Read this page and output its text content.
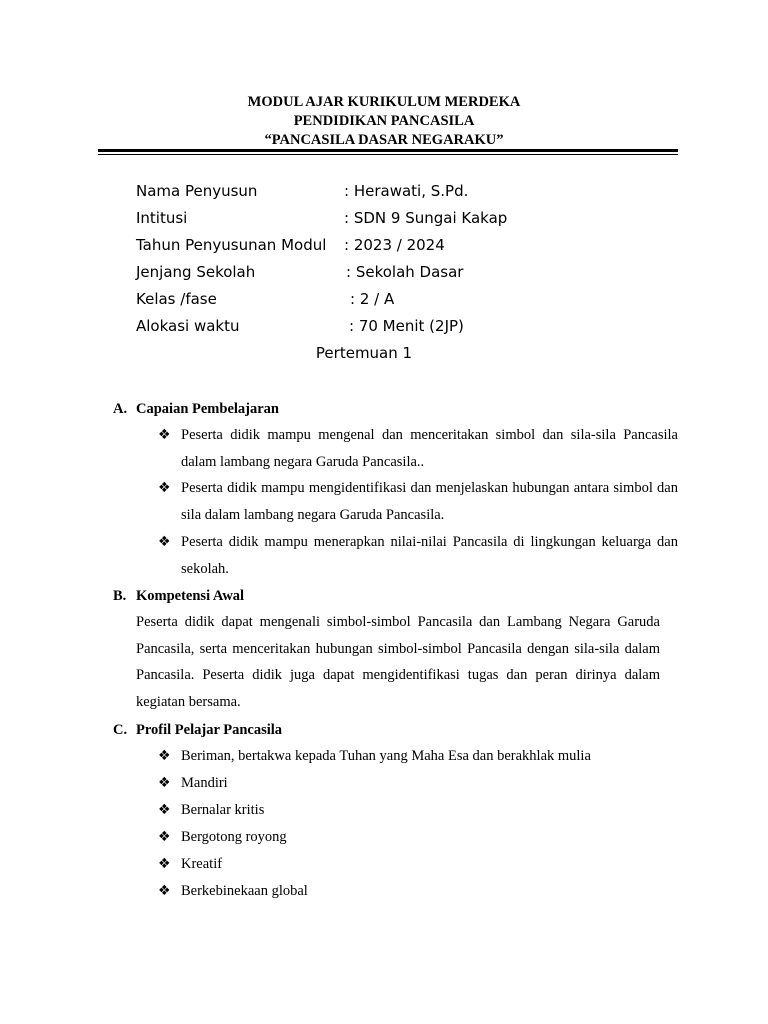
MODUL AJAR KURIKULUM MERDEKA
PENDIDIKAN PANCASILA
“PANCASILA DASAR NEGARAKU”
Nama Penyusun	: Herawati, S.Pd.
Intitusi	: SDN 9 Sungai Kakap
Tahun Penyusunan Modul : 2023 / 2024
Jenjang Sekolah	: Sekolah Dasar
Kelas /fase	: 2 / A
Alokasi waktu	: 70 Menit (2JP)
Pertemuan 1
A. Capaian Pembelajaran
❖ Peserta didik mampu mengenal dan menceritakan simbol dan sila-sila Pancasila dalam lambang negara Garuda Pancasila..
❖ Peserta didik mampu mengidentifikasi dan menjelaskan hubungan antara simbol dan sila dalam lambang negara Garuda Pancasila.
❖ Peserta didik mampu menerapkan nilai-nilai Pancasila di lingkungan keluarga dan sekolah.
B. Kompetensi Awal
Peserta didik dapat mengenali simbol-simbol Pancasila dan Lambang Negara Garuda Pancasila, serta menceritakan hubungan simbol-simbol Pancasila dengan sila-sila dalam Pancasila. Peserta didik juga dapat mengidentifikasi tugas dan peran dirinya dalam kegiatan bersama.
C. Profil Pelajar Pancasila
❖ Beriman, bertakwa kepada Tuhan yang Maha Esa dan berakhlak mulia
❖ Mandiri
❖ Bernalar kritis
❖ Bergotong royong
❖ Kreatif
❖ Berkebinekaan global
